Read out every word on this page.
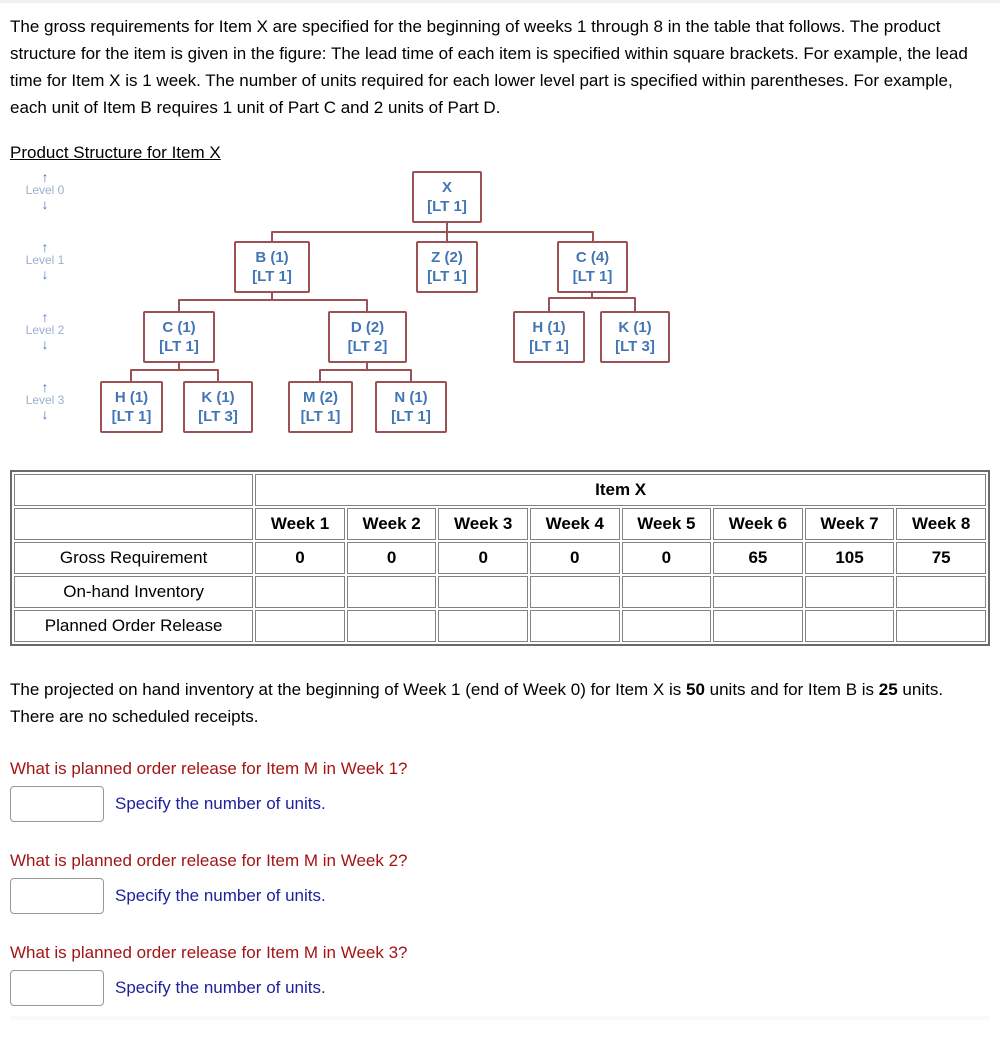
The gross requirements for Item X are specified for the beginning of weeks 1 through 8 in the table that follows. The product structure for the item is given in the figure: The lead time of each item is specified within square brackets. For example, the lead time for Item X is 1 week. The number of units required for each lower level part is specified within parentheses. For example, each unit of Item B requires 1 unit of Part C and 2 units of Part D.

Product Structure for Item X
↑
Level 0
↓
↑
Level 1
↓
↑
Level 2
↓
↑
Level 3
↓
X
[LT 1]
B (1)
[LT 1]
Z (2)
[LT 1]
C (4)
[LT 1]
C (1)
[LT 1]
D (2)
[LT 2]
H (1)
[LT 1]
K (1)
[LT 3]
H (1)
[LT 1]
K (1)
[LT 3]
M (2)
[LT 1]
N (1)
[LT 1]
	Item X							
	Week 1	Week 2	Week 3	Week 4	Week 5	Week 6	Week 7	Week 8
Gross Requirement	0	0	0	0	0	65	105	75
On-hand Inventory								
Planned Order Release								

The projected on hand inventory at the beginning of Week 1 (end of Week 0) for Item X is 50 units and for Item B is 25 units. There are no scheduled receipts.

What is planned order release for Item M in Week 1?
Specify the number of units.
What is planned order release for Item M in Week 2?
Specify the number of units.
What is planned order release for Item M in Week 3?
Specify the number of units.
